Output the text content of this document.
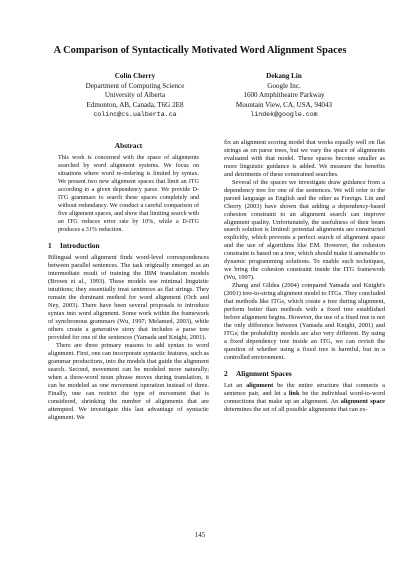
A Comparison of Syntactically Motivated Word Alignment Spaces
Colin Cherry
Department of Computing Science
University of Alberta
Edmonton, AB, Canada, T6G 2E8
colinc@cs.ualberta.ca
Dekang Lin
Google Inc.
1600 Amphitheatre Parkway
Mountain View, CA, USA, 94043
lindek@google.com
Abstract

This work is concerned with the space of alignments searched by word alignment systems. We focus on situations where word re-ordering is limited by syntax. We present two new alignment spaces that limit an ITG according to a given dependency parse. We provide D-ITG grammars to search these spaces completely and without redundancy. We conduct a careful comparison of five alignment spaces, and show that limiting search with an ITG reduces error rate by 10%, while a D-ITG produces a 31% reduction.

1 Introduction

Bilingual word alignment finds word-level correspondences between parallel sentences. The task originally emerged as an intermediate result of training the IBM translation models (Brown et al., 1993). These models use minimal linguistic intuitions; they essentially treat sentences as flat strings. They remain the dominant method for word alignment (Och and Ney, 2003). There have been several proposals to introduce syntax into word alignment. Some work within the framework of synchronous grammars (Wu, 1997; Melamed, 2003), while others create a generative story that includes a parse tree provided for one of the sentences (Yamada and Knight, 2001).

There are three primary reasons to add syntax to word alignment. First, one can incorporate syntactic features, such as grammar productions, into the models that guide the alignment search. Second, movement can be modeled more naturally; when a three-word noun phrase moves during translation, it can be modeled as one movement operation instead of three. Finally, one can restrict the type of movement that is considered, shrinking the number of alignments that are attempted. We investigate this last advantage of syntactic alignment. We

fix an alignment scoring model that works equally well on flat strings as on parse trees, but we vary the space of alignments evaluated with that model. These spaces become smaller as more linguistic guidance is added. We measure the benefits and detriments of these constrained searches.

Several of the spaces we investigate draw guidance from a dependency tree for one of the sentences. We will refer to the parsed language as English and the other as Foreign. Lin and Cherry (2003) have shown that adding a dependency-based cohesion constraint to an alignment search can improve alignment quality. Unfortunately, the usefulness of their beam search solution is limited: potential alignments are constructed explicitly, which prevents a perfect search of alignment space and the use of algorithms like EM. However, the cohesion constraint is based on a tree, which should make it amenable to dynamic programming solutions. To enable such techniques, we bring the cohesion constraint inside the ITG framework (Wu, 1997).

Zhang and Gildea (2004) compared Yamada and Knight's (2001) tree-to-string alignment model to ITGs. They concluded that methods like ITGs, which create a tree during alignment, perform better than methods with a fixed tree established before alignment begins. However, the use of a fixed tree is not the only difference between (Yamada and Knight, 2001) and ITGs; the probability models are also very different. By using a fixed dependency tree inside an ITG, we can revisit the question of whether using a fixed tree is harmful, but in a controlled environment.

2 Alignment Spaces

Let an alignment be the entire structure that connects a sentence pair, and let a link be the individual word-to-word connections that make up an alignment. An alignment space determines the set of all possible alignments that can ex-

145
